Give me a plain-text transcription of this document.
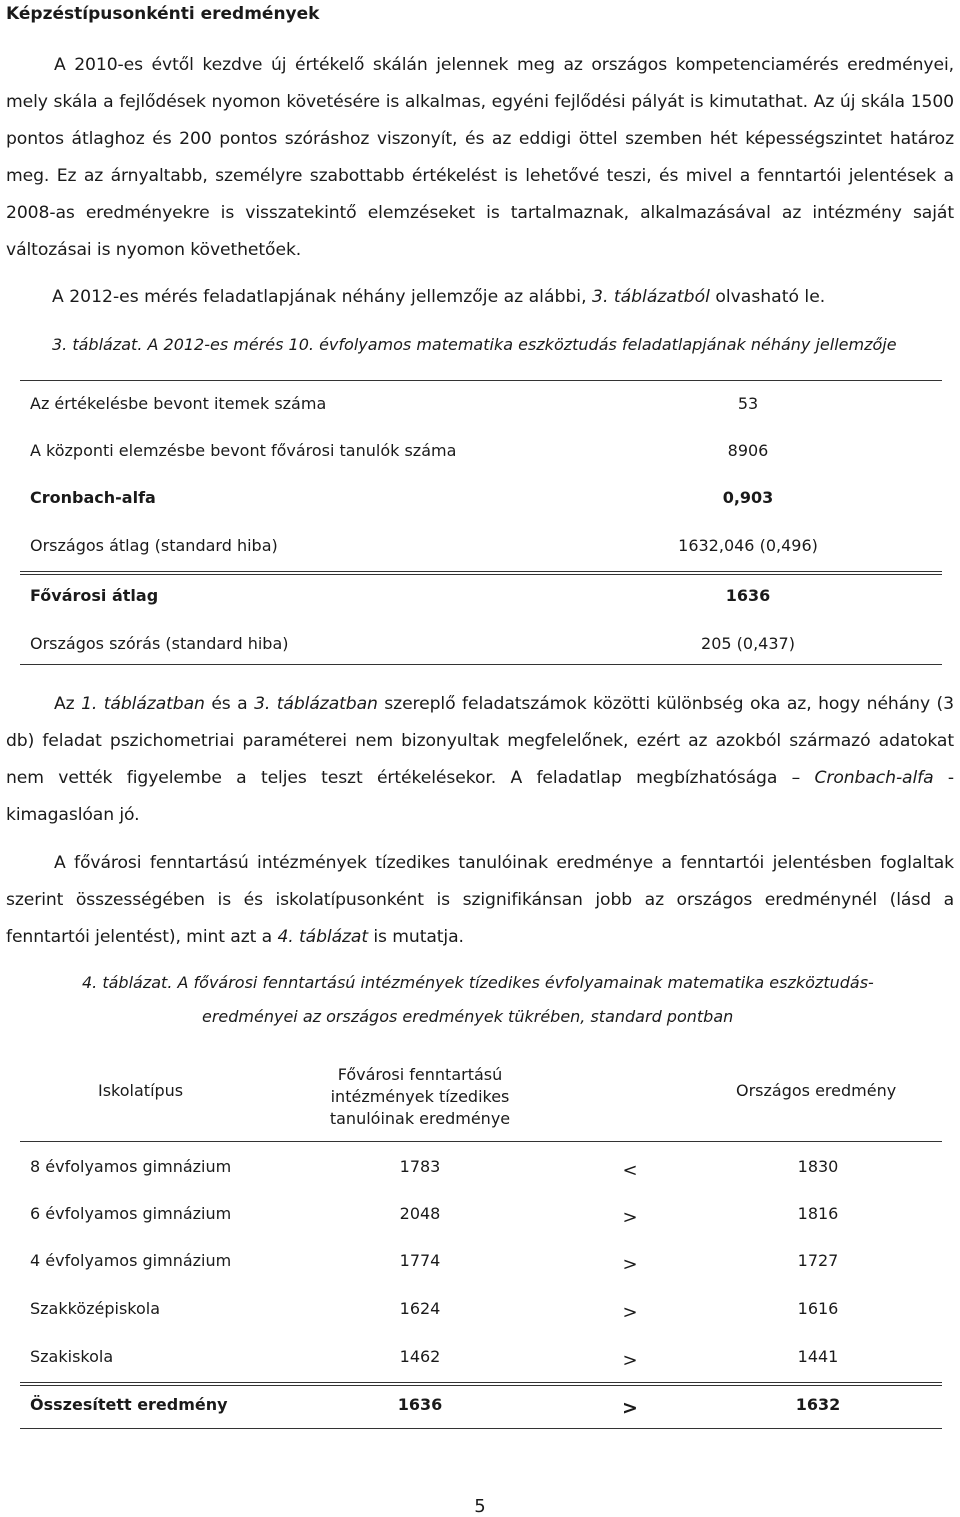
Képzéstípusonkénti eredmények
A 2010-es évtől kezdve új értékelő skálán jelennek meg az országos kompetenciamérés eredményei, mely skála a fejlődések nyomon követésére is alkalmas, egyéni fejlődési pályát is kimutathat. Az új skála 1500 pontos átlaghoz és 200 pontos szóráshoz viszonyít, és az eddigi öttel szemben hét képességszintet határoz meg. Ez az árnyaltabb, személyre szabottabb értékelést is lehetővé teszi, és mivel a fenntartói jelentések a 2008-as eredményekre is visszatekintő elemzéseket is tartalmaznak, alkalmazásával az intézmény saját változásai is nyomon követhetőek.
A 2012-es mérés feladatlapjának néhány jellemzője az alábbi, 3. táblázatból olvasható le.
3. táblázat. A 2012-es mérés 10. évfolyamos matematika eszköztudás feladatlapjának néhány jellemzője
Az értékelésbe bevont itemek száma	53
A központi elemzésbe bevont fővárosi tanulók száma	8906
Cronbach-alfa	0,903
Országos átlag (standard hiba)	1632,046 (0,496)
Fővárosi átlag	1636
Országos szórás (standard hiba)	205 (0,437)
Az 1. táblázatban és a 3. táblázatban szereplő feladatszámok közötti különbség oka az, hogy néhány (3 db) feladat pszichometriai paraméterei nem bizonyultak megfelelőnek, ezért az azokból származó adatokat nem vették figyelembe a teljes teszt értékelésekor. A feladatlap megbízhatósága – Cronbach-alfa - kimagaslóan jó.
A fővárosi fenntartású intézmények tízedikes tanulóinak eredménye a fenntartói jelentésben foglaltak szerint összességében is és iskolatípusonként is szignifikánsan jobb az országos eredménynél (lásd a fenntartói jelentést), mint azt a 4. táblázat is mutatja.
4. táblázat. A fővárosi fenntartású intézmények tízedikes évfolyamainak matematika eszköztudás-
eredményei az országos eredmények tükrében, standard pontban
Iskolatípus
Fővárosi fenntartású
intézmények tízedikes
tanulóinak eredménye
Országos eredmény
8 évfolyamos gimnázium	1783	<	1830
6 évfolyamos gimnázium	2048	>	1816
4 évfolyamos gimnázium	1774	>	1727
Szakközépiskola	1624	>	1616
Szakiskola	1462	>	1441
Összesített eredmény	1636	>	1632
5
